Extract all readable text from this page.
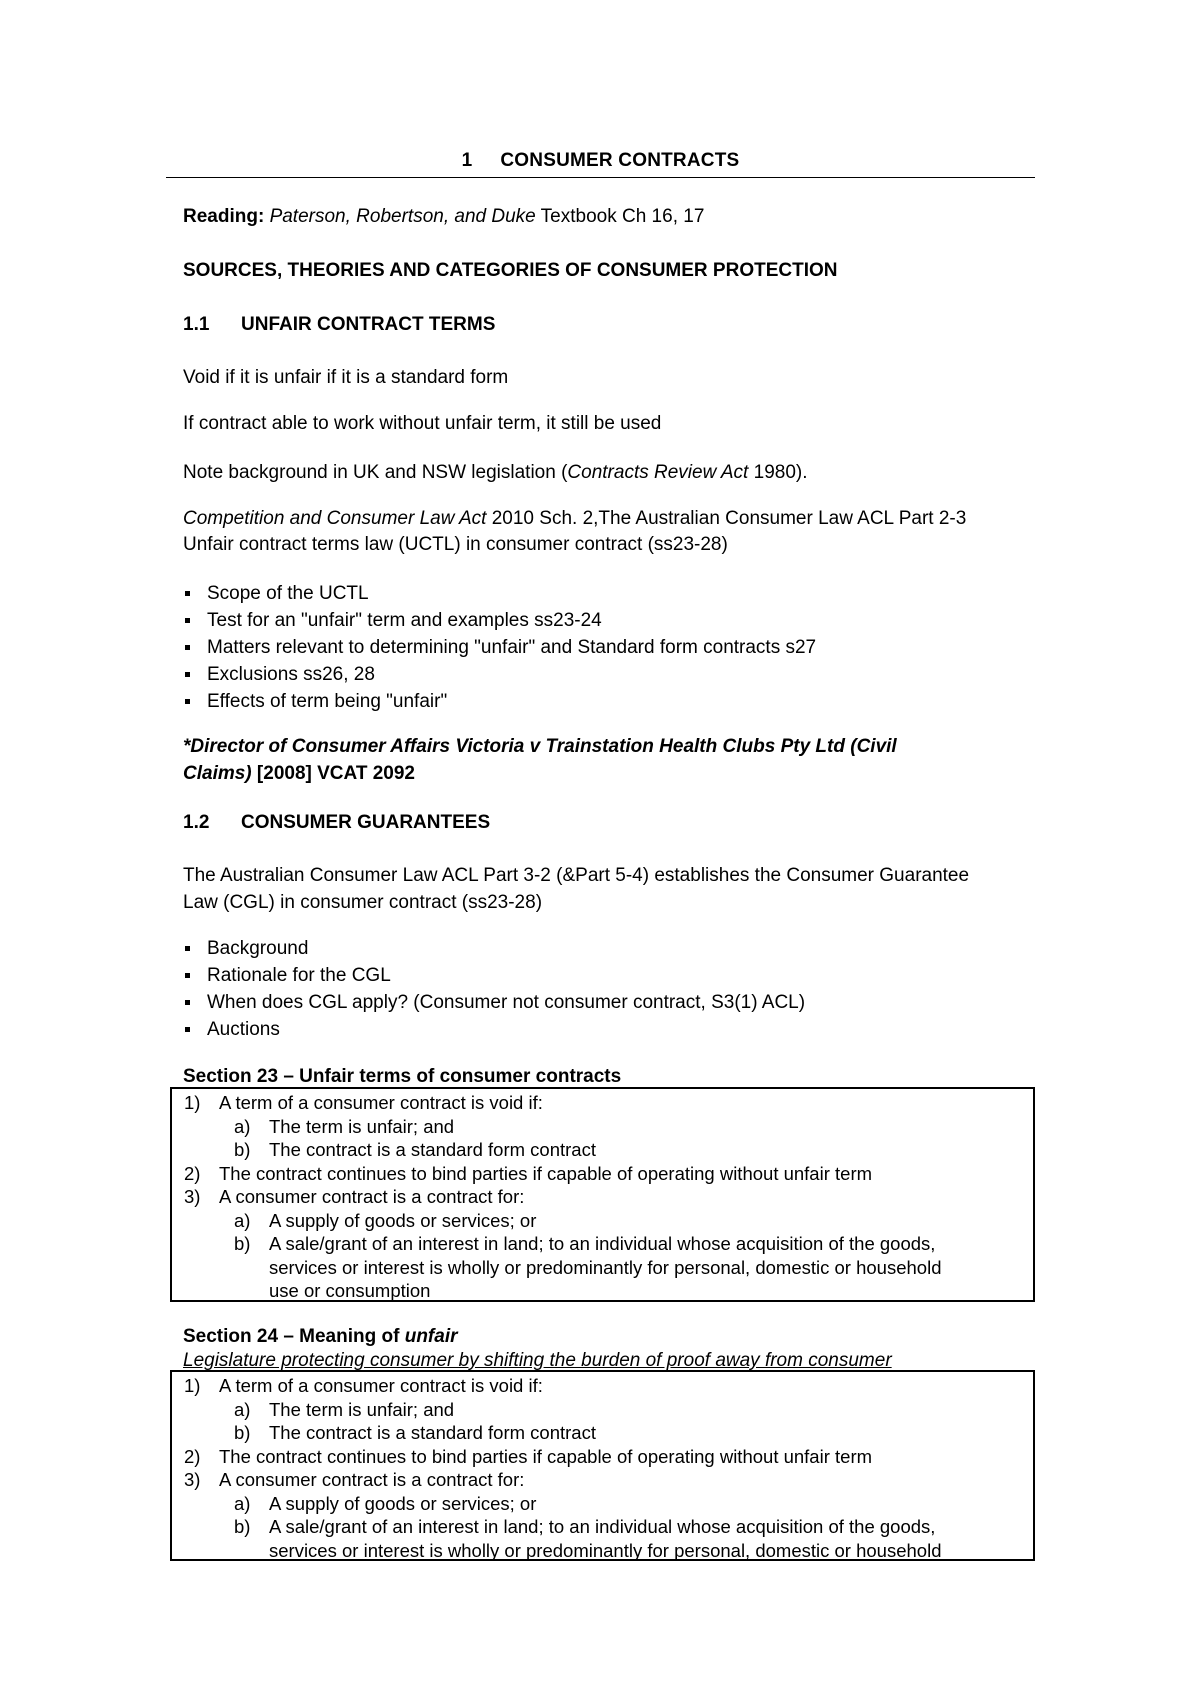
1 CONSUMER CONTRACTS
Reading: Paterson, Robertson, and Duke Textbook Ch 16, 17
SOURCES, THEORIES AND CATEGORIES OF CONSUMER PROTECTION
1.1 UNFAIR CONTRACT TERMS
Void if it is unfair if it is a standard form
If contract able to work without unfair term, it still be used
Note background in UK and NSW legislation (Contracts Review Act 1980).
Competition and Consumer Law Act 2010 Sch. 2,The Australian Consumer Law ACL Part 2-3
Unfair contract terms law (UCTL) in consumer contract (ss23-28)
Scope of the UCTL
Test for an "unfair" term and examples ss23-24
Matters relevant to determining "unfair" and Standard form contracts s27
Exclusions ss26, 28
Effects of term being "unfair"
*Director of Consumer Affairs Victoria v Trainstation Health Clubs Pty Ltd (Civil
Claims) [2008] VCAT 2092
1.2 CONSUMER GUARANTEES
The Australian Consumer Law ACL Part 3-2 (&Part 5-4) establishes the Consumer Guarantee
Law (CGL) in consumer contract (ss23-28)
Background
Rationale for the CGL
When does CGL apply? (Consumer not consumer contract, S3(1) ACL)
Auctions
Section 23 – Unfair terms of consumer contracts
1) A term of a consumer contract is void if:
a) The term is unfair; and
b) The contract is a standard form contract
2) The contract continues to bind parties if capable of operating without unfair term
3) A consumer contract is a contract for:
a) A supply of goods or services; or
b) A sale/grant of an interest in land; to an individual whose acquisition of the goods,
services or interest is wholly or predominantly for personal, domestic or household
use or consumption
Section 24 – Meaning of unfair
Legislature protecting consumer by shifting the burden of proof away from consumer
1) A term of a consumer contract is void if:
a) The term is unfair; and
b) The contract is a standard form contract
2) The contract continues to bind parties if capable of operating without unfair term
3) A consumer contract is a contract for:
a) A supply of goods or services; or
b) A sale/grant of an interest in land; to an individual whose acquisition of the goods,
services or interest is wholly or predominantly for personal, domestic or household
